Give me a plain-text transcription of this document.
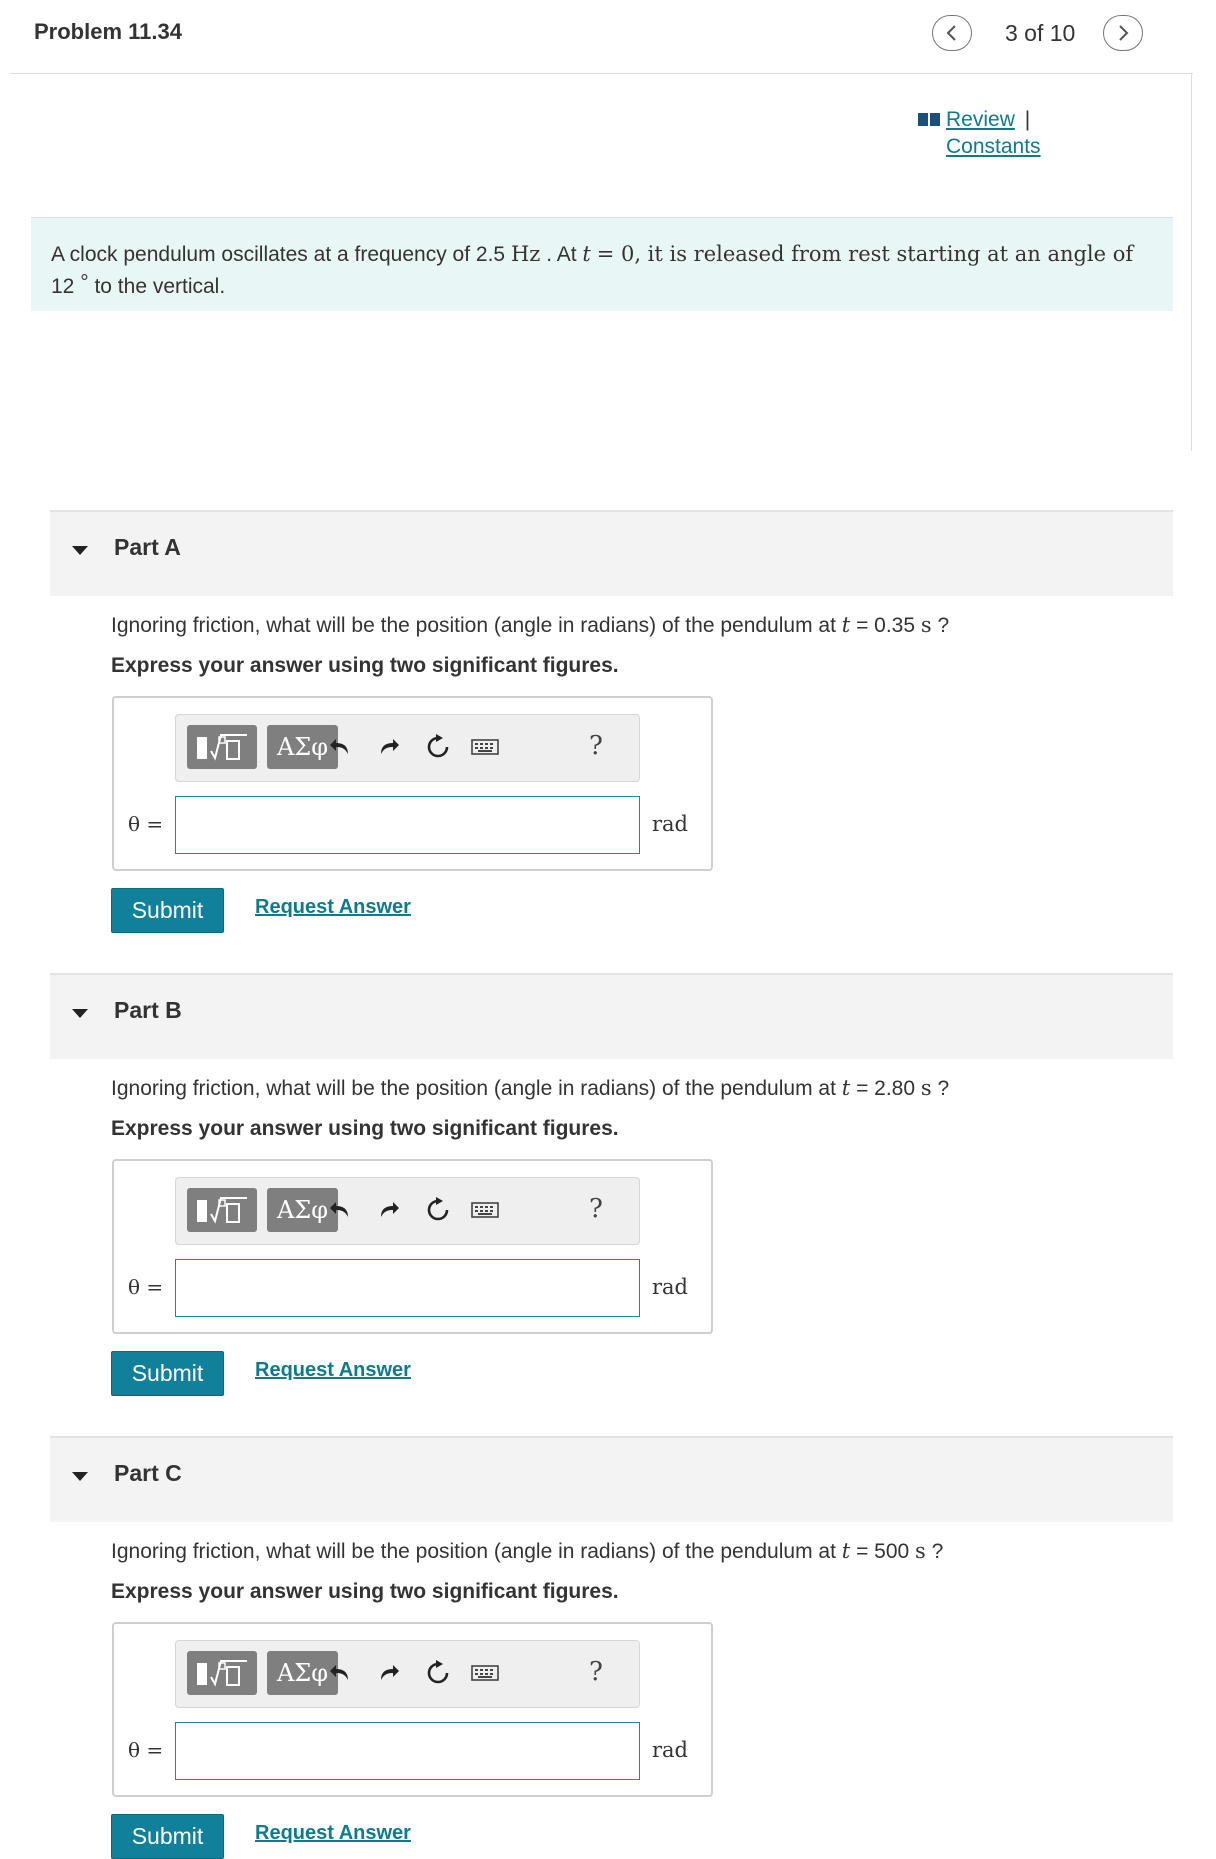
Problem 11.34	3 of 10
Review |
Constants
A clock pendulum oscillates at a frequency of 2.5 Hz . At t = 0, it is released from rest starting at an angle of
12 ° to the vertical.
Part A
Ignoring friction, what will be the position (angle in radians) of the pendulum at t = 0.35 s ?
Express your answer using two significant figures.
ΑΣφ	?
θ =	rad
Submit	Request Answer
Part B
Ignoring friction, what will be the position (angle in radians) of the pendulum at t = 2.80 s ?
Express your answer using two significant figures.
ΑΣφ	?
θ =	rad
Submit	Request Answer
Part C
Ignoring friction, what will be the position (angle in radians) of the pendulum at t = 500 s ?
Express your answer using two significant figures.
ΑΣφ	?
θ =	rad
Submit	Request Answer
